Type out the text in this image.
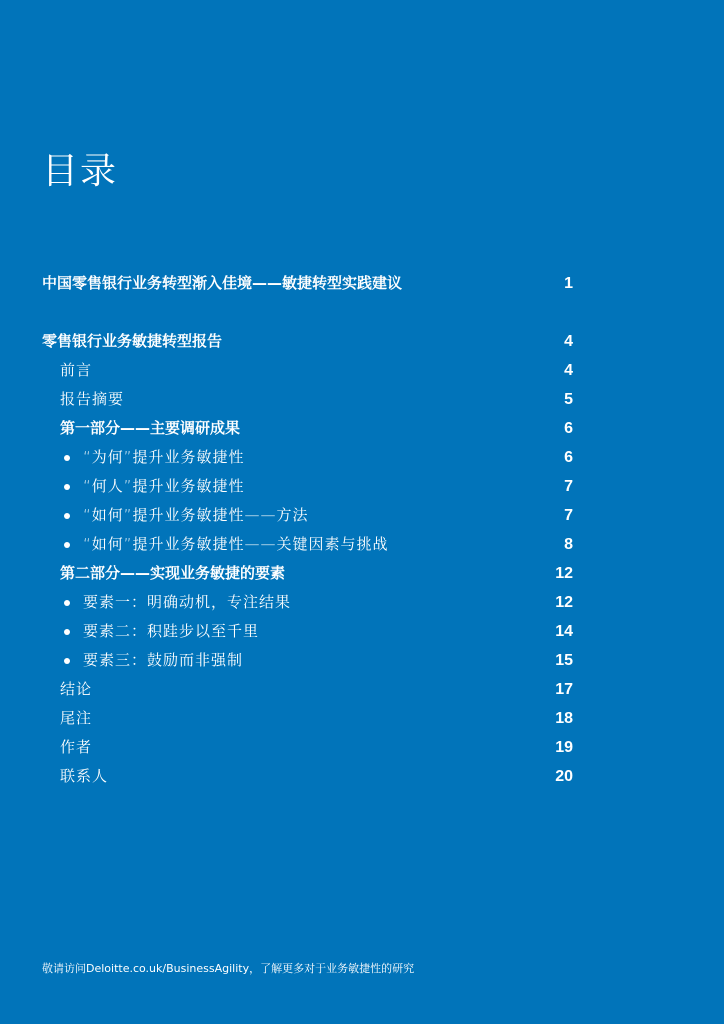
目录
中国零售银行业务转型渐入佳境——敏捷转型实践建议	1
零售银行业务敏捷转型报告	4
前言	4
报告摘要	5
第一部分——主要调研成果	6
“为何”提升业务敏捷性	6
“何人”提升业务敏捷性	7
“如何”提升业务敏捷性——方法	7
“如何”提升业务敏捷性——关键因素与挑战	8
第二部分——实现业务敏捷的要素	12
要素一：明确动机，专注结果	12
要素二：积跬步以至千里	14
要素三：鼓励而非强制	15
结论	17
尾注	18
作者	19
联系人	20

敬请访问Deloitte.co.uk/BusinessAgility，了解更多对于业务敏捷性的研究
